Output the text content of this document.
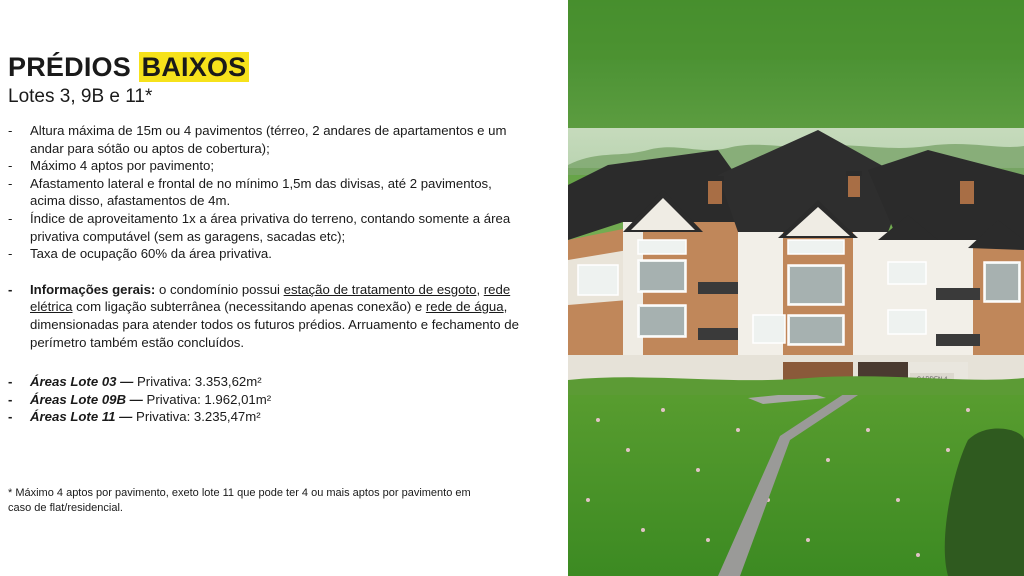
PRÉDIOS BAIXOS
Lotes 3, 9B e 11*
- Altura máxima de 15m ou 4 pavimentos (térreo, 2 andares de apartamentos e um andar para sótão ou aptos de cobertura);
- Máximo 4 aptos por pavimento;
- Afastamento lateral e frontal de no mínimo 1,5m das divisas, até 2 pavimentos, acima disso, afastamentos de 4m.
- Índice de aproveitamento 1x a área privativa do terreno, contando somente a área privativa computável (sem as garagens, sacadas etc);
- Taxa de ocupação 60% da área privativa.
- Informações gerais: o condomínio possui estação de tratamento de esgoto, rede elétrica com ligação subterrânea (necessitando apenas conexão) e rede de água, dimensionadas para atender todos os futuros prédios. Arruamento e fechamento de perímetro também estão concluídos.
- Áreas Lote 03 — Privativa: 3.353,62m²
- Áreas Lote 09B — Privativa: 1.962,01m²
- Áreas Lote 11 — Privativa: 3.235,47m²
* Máximo 4 aptos por pavimento, exeto lote 11 que pode ter 4 ou mais aptos por pavimento em caso de flat/residencial.
